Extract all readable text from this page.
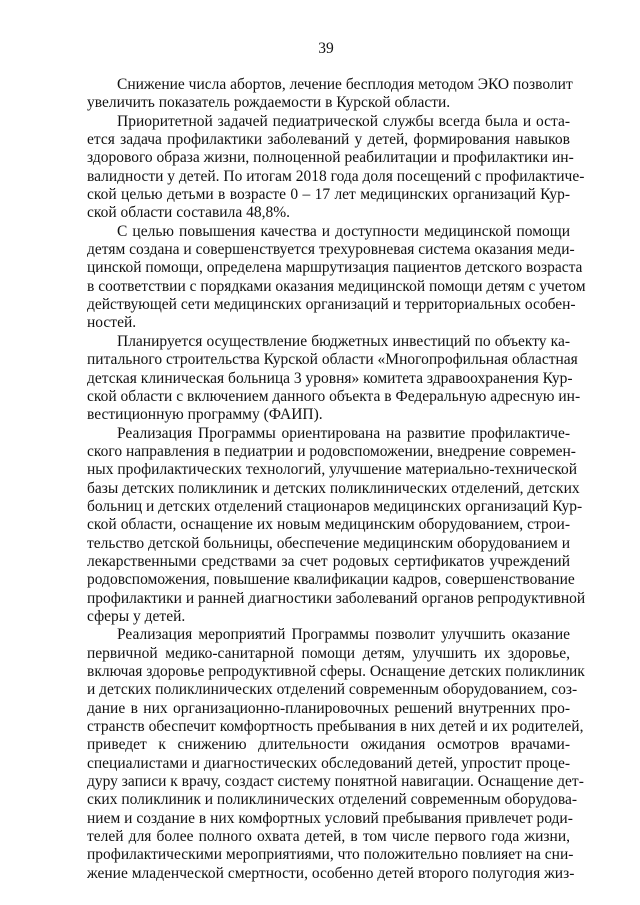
39
Снижение числа абортов, лечение бесплодия методом ЭКО позволит
увеличить показатель рождаемости в Курской области.
Приоритетной задачей педиатрической службы всегда была и оста-
ется задача профилактики заболеваний у детей, формирования навыков
здорового образа жизни, полноценной реабилитации и профилактики ин-
валидности у детей. По итогам 2018 года доля посещений с профилактиче-
ской целью детьми в возрасте 0 – 17 лет медицинских организаций Кур-
ской области составила 48,8%.
С целью повышения качества и доступности медицинской помощи
детям создана и совершенствуется трехуровневая система оказания меди-
цинской помощи, определена маршрутизация пациентов детского возраста
в соответствии с порядками оказания медицинской помощи детям с учетом
действующей сети медицинских организаций и территориальных особен-
ностей.
Планируется осуществление бюджетных инвестиций по объекту ка-
питального строительства Курской области «Многопрофильная областная
детская клиническая больница 3 уровня» комитета здравоохранения Кур-
ской области с включением данного объекта в Федеральную адресную ин-
вестиционную программу (ФАИП).
Реализация Программы ориентирована на развитие профилактиче-
ского направления в педиатрии и родовспоможении, внедрение современ-
ных профилактических технологий, улучшение материально-технической
базы детских поликлиник и детских поликлинических отделений, детских
больниц и детских отделений стационаров медицинских организаций Кур-
ской области, оснащение их новым медицинским оборудованием, строи-
тельство детской больницы, обеспечение медицинским оборудованием и
лекарственными средствами за счет родовых сертификатов учреждений
родовспоможения, повышение квалификации кадров, совершенствование
профилактики и ранней диагностики заболеваний органов репродуктивной
сферы у детей.
Реализация мероприятий Программы позволит улучшить оказание
первичной медико-санитарной помощи детям, улучшить их здоровье,
включая здоровье репродуктивной сферы. Оснащение детских поликлиник
и детских поликлинических отделений современным оборудованием, соз-
дание в них организационно-планировочных решений внутренних про-
странств обеспечит комфортность пребывания в них детей и их родителей,
приведет к снижению длительности ожидания осмотров врачами-
специалистами и диагностических обследований детей, упростит проце-
дуру записи к врачу, создаст систему понятной навигации. Оснащение дет-
ских поликлиник и поликлинических отделений современным оборудова-
нием и создание в них комфортных условий пребывания привлечет роди-
телей для более полного охвата детей, в том числе первого года жизни,
профилактическими мероприятиями, что положительно повлияет на сни-
жение младенческой смертности, особенно детей второго полугодия жиз-
